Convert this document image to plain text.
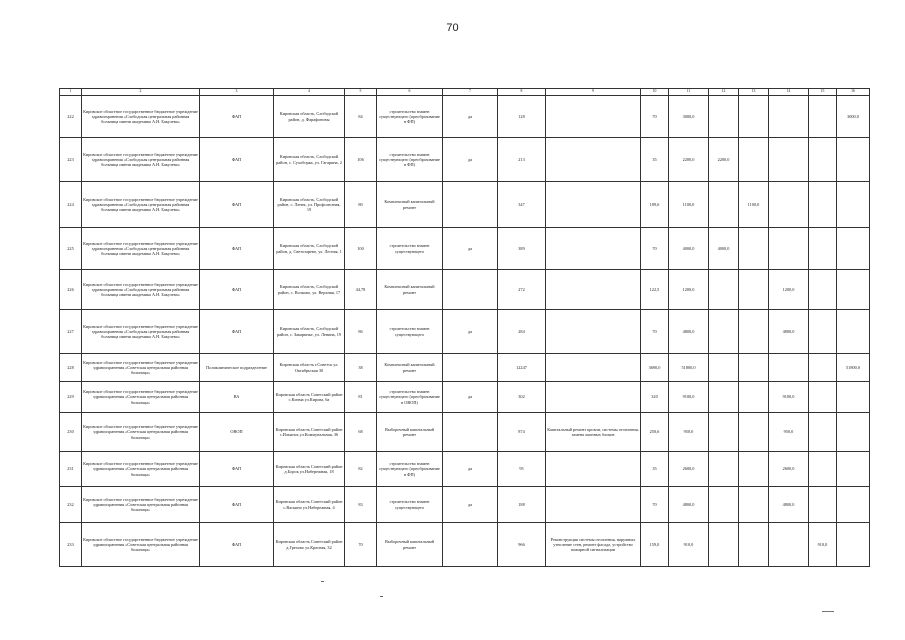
70
1	2	3	4	5	6	7	8	9	10	11	12	13	14	15	16
222	Кировское областное государственное бюджетное учреждение здравоохранения «Слободская центральная районная больница имени академика А.Н. Бакулева»	ФАП	Кировская область, Слободской район, д. Фарафоновы	84	строительство взамен существующего (преобразование в ФП)	да	128		70	3000,0					3000,0
223	Кировское областное государственное бюджетное учреждение здравоохранения «Слободская центральная районная больница имени академика А.Н. Бакулева»	ФАП	Кировская область, Слободской район, с. Сухоборка, ул. Гагарина, 2	106	строительство взамен существующего (преобразование в ФП)	да	213		35	2200,0	2200,0				
224	Кировское областное государственное бюджетное учреждение здравоохранения «Слободская центральная районная больница имени академика А.Н. Бакулева»	ФАП	Кировская область, Слободской район, с. Ленек, ул. Профсоюзная, 19	80	Комплексный капитальный ремонт		347		189,6	1100,0		1100,0			
225	Кировское областное государственное бюджетное учреждение здравоохранения «Слободская центральная районная больница имени академика А.Н. Бакулева»	ФАП	Кировская область, Слободской район, д. Светозарево, ул. Лесная, 1	100	строительство взамен существующего	да	389		70	4000,0	4000,0				
226	Кировское областное государственное бюджетное учреждение здравоохранения «Слободская центральная районная больница имени академика А.Н. Бакулева»	ФАП	Кировская область, Слободской район, с. Волково, ул. Верхняя, 17	44,78	Комплексный капитальный ремонт		272		122,5	1200,0			1200,0		
227	Кировское областное государственное бюджетное учреждение здравоохранения «Слободская центральная районная больница имени академика А.Н. Бакулева»	ФАП	Кировская область, Слободской район, с. Закаринье, ул. Ленина, 19	86	строительство взамен существующего	да	284		70	4800,0			4800,0		
228	Кировское областное государственное бюджетное учреждение здравоохранения «Советская центральная районная больница»	Поликлиническое подразделение	Кировская область г.Советск ул. Октябрьская 30	38	Комплексный капитальный ремонт		12247		3690,0	51800,0					51800,0
229	Кировское областное государственное бюджетное учреждение здравоохранения «Советская центральная районная больница»	ВА	Кировская область Советский район с.Кичма ул.Кирова, 6а	81	строительство взамен существующего (преобразование в ОВОП)	да	302		320	9100,0			9100,0		
230	Кировское областное государственное бюджетное учреждение здравоохранения «Советская центральная районная больница»	ОВОП	Кировская область Советский район с.Ильинск ул.Коммунальная, 36	68	Выборочный капитальный ремонт		874	Капитальный ремонт кровли, системы отопления, замена оконных блоков	250,6	950,0			950,0		
231	Кировское областное государственное бюджетное учреждение здравоохранения «Советская центральная районная больница»	ФАП	Кировская область Советский район д.Борок ул.Набережная, 18	82	строительство взамен существующего (преобразование в ФП)	да	95		35	2600,0			2600,0		
232	Кировское областное государственное бюджетное учреждение здравоохранения «Советская центральная районная больница»	ФАП	Кировская область Советский район с.Васкино ул.Набережная, 4	83	строительство взамен существующего	да	188		70	4800,0			4800,0		
233	Кировское областное государственное бюджетное учреждение здравоохранения «Советская центральная районная больница»	ФАП	Кировская область Советский район д.Грехово ул.Красная, 32	70	Выборочный капитальный ремонт		966	Реконструкция системы отопления, наружных утепление стен, ремонт фасада, устройство пожарной сигнализации	159,0	910,0				910,0	
